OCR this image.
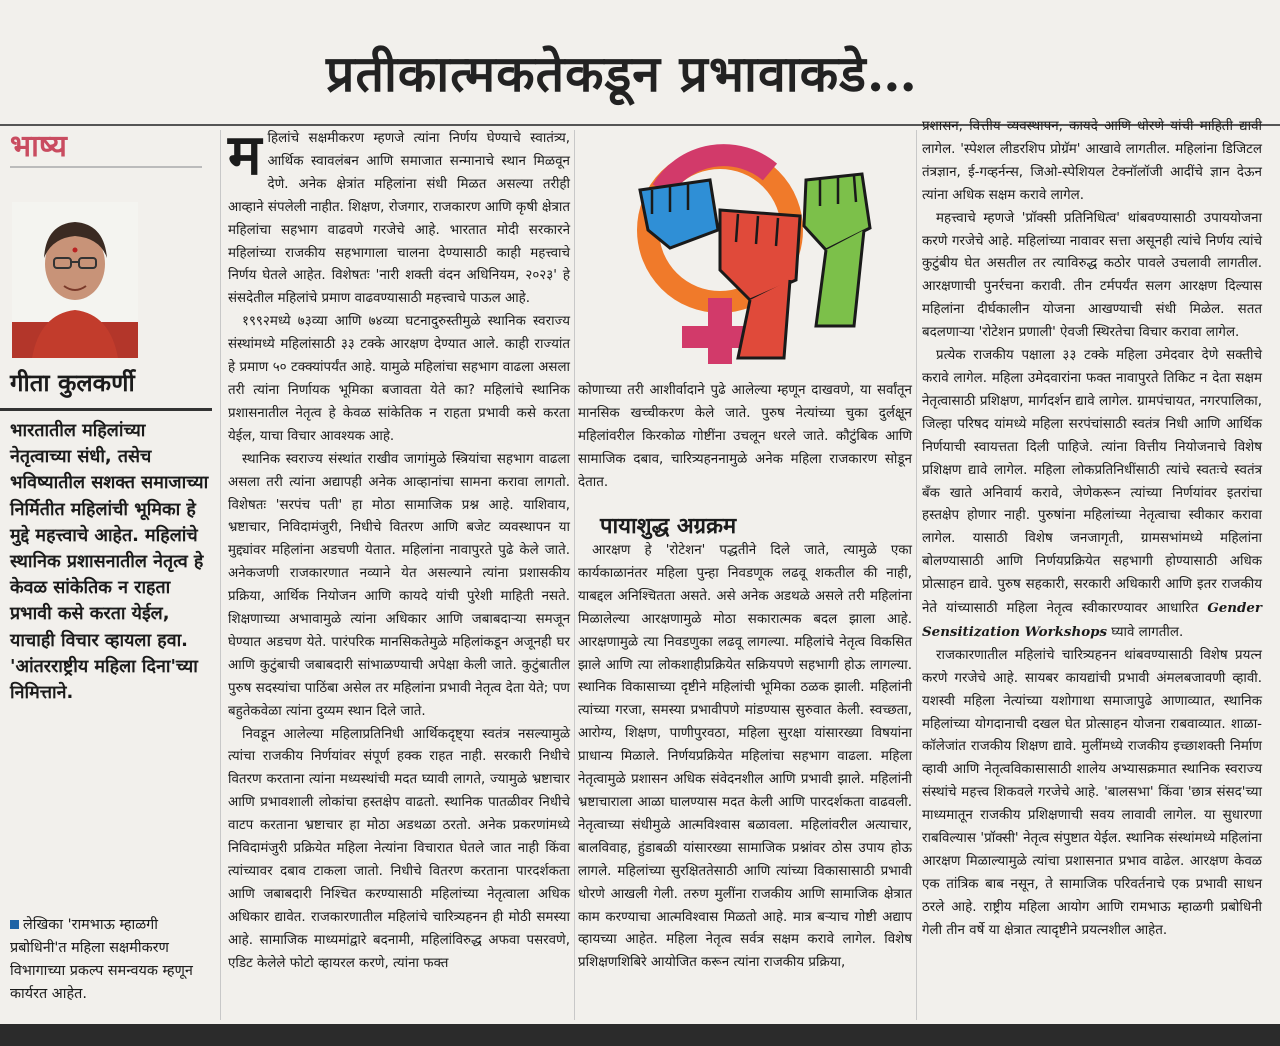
प्रतीकात्मकतेकडून प्रभावाकडे…
भाष्य
गीता कुलकर्णी
भारतातील महिलांच्या नेतृत्वाच्या संधी, तसेच भविष्यातील सशक्त समाजाच्या निर्मितीत महिलांची भूमिका हे मुद्दे महत्त्वाचे आहेत. महिलांचे स्थानिक प्रशासनातील नेतृत्व हे केवळ सांकेतिक न राहता प्रभावी कसे करता येईल, याचाही विचार व्हायला हवा. 'आंतरराष्ट्रीय महिला दिना'च्या निमित्ताने.
लेखिका 'रामभाऊ म्हाळगी प्रबोधिनी'त महिला सक्षमीकरण विभागाच्या प्रकल्प समन्वयक म्हणून कार्यरत आहेत.

महिलांचे सक्षमीकरण म्हणजे त्यांना निर्णय घेण्याचे स्वातंत्र्य, आर्थिक स्वावलंबन आणि समाजात सन्मानाचे स्थान मिळवून देणे. अनेक क्षेत्रांत महिलांना संधी मिळत असल्या तरीही आव्हाने संपलेली नाहीत. शिक्षण, रोजगार, राजकारण आणि कृषी क्षेत्रात महिलांचा सहभाग वाढवणे गरजेचे आहे. भारतात मोदी सरकारने महिलांच्या राजकीय सहभागाला चालना देण्यासाठी काही महत्त्वाचे निर्णय घेतले आहेत. विशेषतः 'नारी शक्ती वंदन अधिनियम, २०२३' हे संसदेतील महिलांचे प्रमाण वाढवण्यासाठी महत्त्वाचे पाऊल आहे.

१९९२मध्ये ७३व्या आणि ७४व्या घटनादुरुस्तीमुळे स्थानिक स्वराज्य संस्थांमध्ये महिलांसाठी ३३ टक्के आरक्षण देण्यात आले. काही राज्यांत हे प्रमाण ५० टक्क्यांपर्यंत आहे. यामुळे महिलांचा सहभाग वाढला असला तरी त्यांना निर्णायक भूमिका बजावता येते का? महिलांचे स्थानिक प्रशासनातील नेतृत्व हे केवळ सांकेतिक न राहता प्रभावी कसे करता येईल, याचा विचार आवश्यक आहे.

स्थानिक स्वराज्य संस्थांत राखीव जागांमुळे स्त्रियांचा सहभाग वाढला असला तरी त्यांना अद्यापही अनेक आव्हानांचा सामना करावा लागतो. विशेषतः 'सरपंच पती' हा मोठा सामाजिक प्रश्न आहे. याशिवाय, भ्रष्टाचार, निविदामंजुरी, निधीचे वितरण आणि बजेट व्यवस्थापन या मुद्द्यांवर महिलांना अडचणी येतात. महिलांना नावापुरते पुढे केले जाते. अनेकजणी राजकारणात नव्याने येत असल्याने त्यांना प्रशासकीय प्रक्रिया, आर्थिक नियोजन आणि कायदे यांची पुरेशी माहिती नसते. शिक्षणाच्या अभावामुळे त्यांना अधिकार आणि जबाबदाऱ्या समजून घेण्यात अडचण येते. पारंपरिक मानसिकतेमुळे महिलांकडून अजूनही घर आणि कुटुंबाची जबाबदारी सांभाळण्याची अपेक्षा केली जाते. कुटुंबातील पुरुष सदस्यांचा पाठिंबा असेल तर महिलांना प्रभावी नेतृत्व देता येते; पण बहुतेकवेळा त्यांना दुय्यम स्थान दिले जाते.

निवडून आलेल्या महिलाप्रतिनिधी आर्थिकदृष्ट्या स्वतंत्र नसल्यामुळे त्यांचा राजकीय निर्णयांवर संपूर्ण हक्क राहत नाही. सरकारी निधीचे वितरण करताना त्यांना मध्यस्थांची मदत घ्यावी लागते, ज्यामुळे भ्रष्टाचार आणि प्रभावशाली लोकांचा हस्तक्षेप वाढतो. स्थानिक पातळीवर निधीचे वाटप करताना भ्रष्टाचार हा मोठा अडथळा ठरतो. अनेक प्रकरणांमध्ये निविदामंजुरी प्रक्रियेत महिला नेत्यांना विचारात घेतले जात नाही किंवा त्यांच्यावर दबाव टाकला जातो. निधीचे वितरण करताना पारदर्शकता आणि जबाबदारी निश्चित करण्यासाठी महिलांच्या नेतृत्वाला अधिक अधिकार द्यावेत. राजकारणातील महिलांचे चारित्र्यहनन ही मोठी समस्या आहे. सामाजिक माध्यमांद्वारे बदनामी, महिलांविरुद्ध अफवा पसरवणे, एडिट केलेले फोटो व्हायरल करणे, त्यांना फक्त

कोणाच्या तरी आशीर्वादाने पुढे आलेल्या म्हणून दाखवणे, या सर्वांतून मानसिक खच्चीकरण केले जाते. पुरुष नेत्यांच्या चुका दुर्लक्षून महिलांवरील किरकोळ गोष्टींना उचलून धरले जाते. कौटुंबिक आणि सामाजिक दबाव, चारित्र्यहननामुळे अनेक महिला राजकारण सोडून देतात.

पायाशुद्ध अग्रक्रम

आरक्षण हे 'रोटेशन' पद्धतीने दिले जाते, त्यामुळे एका कार्यकाळानंतर महिला पुन्हा निवडणूक लढवू शकतील की नाही, याबद्दल अनिश्चितता असते. असे अनेक अडथळे असले तरी महिलांना मिळालेल्या आरक्षणामुळे मोठा सकारात्मक बदल झाला आहे. आरक्षणामुळे त्या निवडणुका लढवू लागल्या. महिलांचे नेतृत्व विकसित झाले आणि त्या लोकशाहीप्रक्रियेत सक्रियपणे सहभागी होऊ लागल्या. स्थानिक विकासाच्या दृष्टीने महिलांची भूमिका ठळक झाली. महिलांनी त्यांच्या गरजा, समस्या प्रभावीपणे मांडण्यास सुरुवात केली. स्वच्छता, आरोग्य, शिक्षण, पाणीपुरवठा, महिला सुरक्षा यांसारख्या विषयांना प्राधान्य मिळाले. निर्णयप्रक्रियेत महिलांचा सहभाग वाढला. महिला नेतृत्वामुळे प्रशासन अधिक संवेदनशील आणि प्रभावी झाले. महिलांनी भ्रष्टाचाराला आळा घालण्यास मदत केली आणि पारदर्शकता वाढवली. नेतृत्वाच्या संधीमुळे आत्मविश्वास बळावला. महिलांवरील अत्याचार, बालविवाह, हुंडाबळी यांसारख्या सामाजिक प्रश्नांवर ठोस उपाय होऊ लागले. महिलांच्या सुरक्षिततेसाठी आणि त्यांच्या विकासासाठी प्रभावी धोरणे आखली गेली. तरुण मुलींना राजकीय आणि सामाजिक क्षेत्रात काम करण्याचा आत्मविश्वास मिळतो आहे. मात्र बऱ्याच गोष्टी अद्याप व्हायच्या आहेत. महिला नेतृत्व सर्वत्र सक्षम करावे लागेल. विशेष प्रशिक्षणशिबिरे आयोजित करून त्यांना राजकीय प्रक्रिया,

प्रशासन, वित्तीय व्यवस्थापन, कायदे आणि धोरणे यांची माहिती द्यावी लागेल. 'स्पेशल लीडरशिप प्रोग्रॅम' आखावे लागतील. महिलांना डिजिटल तंत्रज्ञान, ई-गव्हर्नन्स, जिओ-स्पेशियल टेक्नॉलॉजी आदींचे ज्ञान देऊन त्यांना अधिक सक्षम करावे लागेल.

महत्त्वाचे म्हणजे 'प्रॉक्सी प्रतिनिधित्व' थांबवण्यासाठी उपाययोजना करणे गरजेचे आहे. महिलांच्या नावावर सत्ता असूनही त्यांचे निर्णय त्यांचे कुटुंबीय घेत असतील तर त्याविरुद्ध कठोर पावले उचलावी लागतील. आरक्षणाची पुनर्रचना करावी. तीन टर्मपर्यंत सलग आरक्षण दिल्यास महिलांना दीर्घकालीन योजना आखण्याची संधी मिळेल. सतत बदलणाऱ्या 'रोटेशन प्रणाली' ऐवजी स्थिरतेचा विचार करावा लागेल.

प्रत्येक राजकीय पक्षाला ३३ टक्के महिला उमेदवार देणे सक्तीचे करावे लागेल. महिला उमेदवारांना फक्त नावापुरते तिकिट न देता सक्षम नेतृत्वासाठी प्रशिक्षण, मार्गदर्शन द्यावे लागेल. ग्रामपंचायत, नगरपालिका, जिल्हा परिषद यांमध्ये महिला सरपंचांसाठी स्वतंत्र निधी आणि आर्थिक निर्णयाची स्वायत्तता दिली पाहिजे. त्यांना वित्तीय नियोजनाचे विशेष प्रशिक्षण द्यावे लागेल. महिला लोकप्रतिनिधींसाठी त्यांचे स्वतःचे स्वतंत्र बँक खाते अनिवार्य करावे, जेणेकरून त्यांच्या निर्णयांवर इतरांचा हस्तक्षेप होणार नाही. पुरुषांना महिलांच्या नेतृत्वाचा स्वीकार करावा लागेल. यासाठी विशेष जनजागृती, ग्रामसभांमध्ये महिलांना बोलण्यासाठी आणि निर्णयप्रक्रियेत सहभागी होण्यासाठी अधिक प्रोत्साहन द्यावे. पुरुष सहकारी, सरकारी अधिकारी आणि इतर राजकीय नेते यांच्यासाठी महिला नेतृत्व स्वीकारण्यावर आधारित Gender Sensitization Workshops घ्यावे लागतील.

राजकारणातील महिलांचे चारित्र्यहनन थांबवण्यासाठी विशेष प्रयत्न करणे गरजेचे आहे. सायबर कायद्यांची प्रभावी अंमलबजावणी व्हावी. यशस्वी महिला नेत्यांच्या यशोगाथा समाजापुढे आणाव्यात, स्थानिक महिलांच्या योगदानाची दखल घेत प्रोत्साहन योजना राबवाव्यात. शाळा-कॉलेजांत राजकीय शिक्षण द्यावे. मुलींमध्ये राजकीय इच्छाशक्ती निर्माण व्हावी आणि नेतृत्वविकासासाठी शालेय अभ्यासक्रमात स्थानिक स्वराज्य संस्थांचे महत्त्व शिकवले गरजेचे आहे. 'बालसभा' किंवा 'छात्र संसद'च्या माध्यमातून राजकीय प्रशिक्षणाची सवय लावावी लागेल. या सुधारणा राबविल्यास 'प्रॉक्सी' नेतृत्व संपुष्टात येईल. स्थानिक संस्थांमध्ये महिलांना आरक्षण मिळाल्यामुळे त्यांचा प्रशासनात प्रभाव वाढेल. आरक्षण केवळ एक तांत्रिक बाब नसून, ते सामाजिक परिवर्तनाचे एक प्रभावी साधन ठरले आहे. राष्ट्रीय महिला आयोग आणि रामभाऊ म्हाळगी प्रबोधिनी गेली तीन वर्षे या क्षेत्रात त्यादृष्टीने प्रयत्नशील आहेत.
